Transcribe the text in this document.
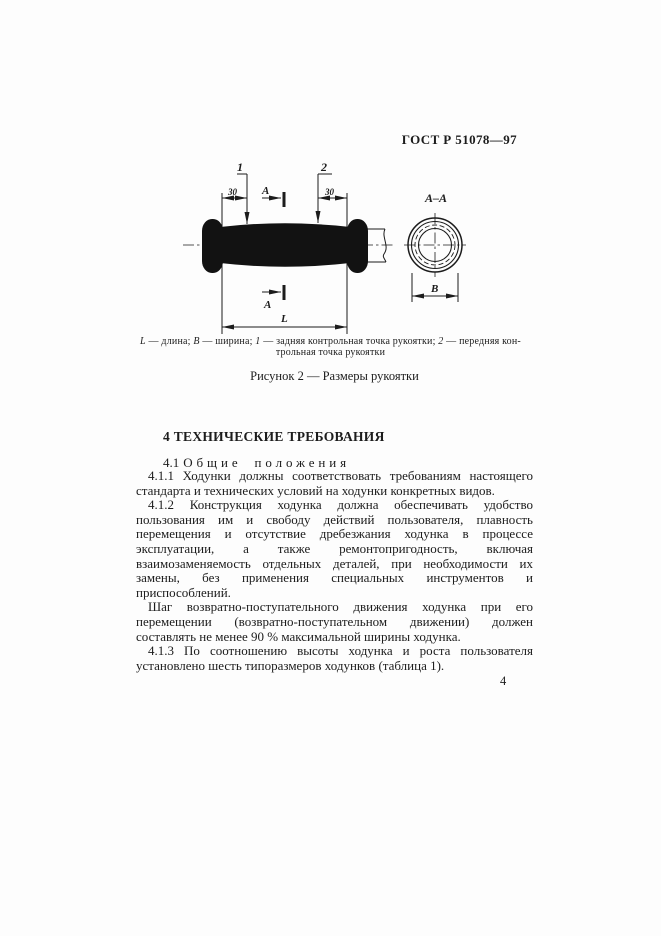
ГОСТ Р 51078—97
30	30
1	2
A
A
L
A–A
B
L — длина; B — ширина; 1 — задняя контрольная точка рукоятки; 2 — передняя кон-
трольная точка рукоятки
Рисунок 2 — Размеры рукоятки
4 ТЕХНИЧЕСКИЕ ТРЕБОВАНИЯ
4.1 Общие положения

4.1.1 Ходунки должны соответствовать требованиям настоящего стандарта и технических условий на ходунки конкретных видов.

4.1.2 Конструкция ходунка должна обеспечивать удобство пользования им и свободу действий пользователя, плавность перемещения и отсутствие дребезжания ходунка в процессе эксплуатации, а также ремонтопригодность, включая взаимозаменяемость отдельных деталей, при необходимости их замены, без применения специальных инструментов и приспособлений.

Шаг возвратно-поступательного движения ходунка при его перемещении (возвратно-поступательном движении) должен составлять не менее 90 % максимальной ширины ходунка.

4.1.3 По соотношению высоты ходунка и роста пользователя установлено шесть типоразмеров ходунков (таблица 1).

4
